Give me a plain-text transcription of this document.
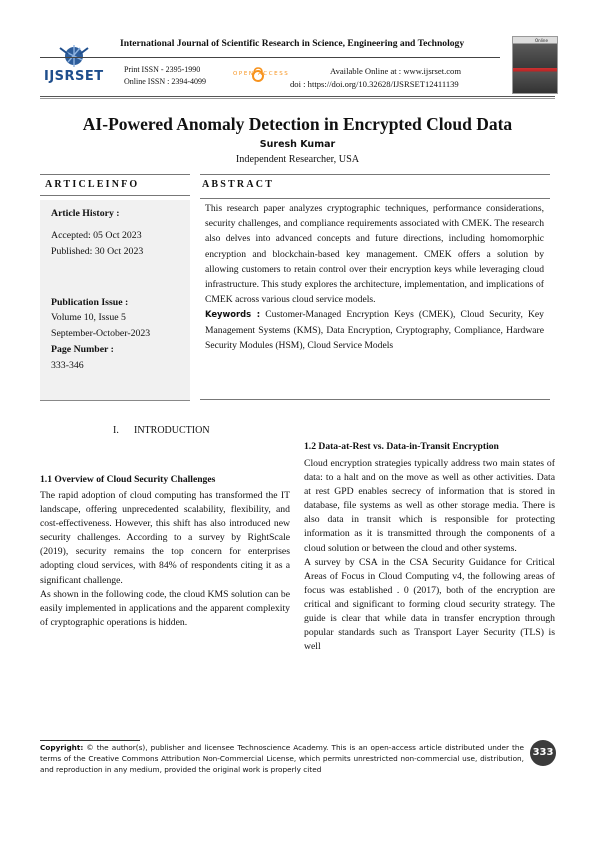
IJSRSET
International Journal of Scientific Research in Science, Engineering and Technology
Print ISSN - 2395-1990
Online ISSN : 2394-4099
OPEN ACCESS	Available Online at : www.ijsrset.com
doi : https://doi.org/10.32628/IJSRSET12411139
Online
AI-Powered Anomaly Detection in Encrypted Cloud Data
Suresh Kumar
Independent Researcher, USA
ARTICLEINFO	ABSTRACT
Article History :
Accepted: 05 Oct 2023
Published: 30 Oct 2023
Publication Issue :
Volume 10, Issue 5
September-October-2023
Page Number :
333-346

This research paper analyzes cryptographic techniques, performance considerations, security challenges, and compliance requirements associated with CMEK. The research also delves into advanced concepts and future directions, including homomorphic encryption and blockchain-based key management. CMEK offers a solution by allowing customers to retain control over their encryption keys while leveraging cloud infrastructure. This study explores the architecture, implementation, and implications of CMEK across various cloud service models.

Keywords : Customer-Managed Encryption Keys (CMEK), Cloud Security, Key Management Systems (KMS), Data Encryption, Cryptography, Compliance, Hardware Security Modules (HSM), Cloud Service Models

I. INTRODUCTION
1.1 Overview of Cloud Security Challenges

The rapid adoption of cloud computing has transformed the IT landscape, offering unprecedented scalability, flexibility, and cost-effectiveness. However, this shift has also introduced new security challenges. According to a survey by RightScale (2019), security remains the top concern for enterprises adopting cloud services, with 84% of respondents citing it as a significant challenge.

As shown in the following code, the cloud KMS solution can be easily implemented in applications and the apparent complexity of cryptographic operations is hidden.

1.2 Data-at-Rest vs. Data-in-Transit Encryption

Cloud encryption strategies typically address two main states of data: to a halt and on the move as well as other activities. Data at rest GPD enables secrecy of information that is stored in database, file systems as well as other storage media. There is also data in transit which is responsible for protecting information as it is transmitted through the components of a cloud solution or between the cloud and other systems.

A survey by CSA in the CSA Security Guidance for Critical Areas of Focus in Cloud Computing v4, the following areas of focus was established . 0 (2017), both of the encryption are critical and significant to forming cloud security strategy. The guide is clear that while data in transfer encryption through popular standards such as Transport Layer Security (TLS) is well

Copyright: © the author(s), publisher and licensee Technoscience Academy. This is an open-access article distributed under the terms of the Creative Commons Attribution Non-Commercial License, which permits unrestricted non-commercial use, distribution, and reproduction in any medium, provided the original work is properly cited
333
